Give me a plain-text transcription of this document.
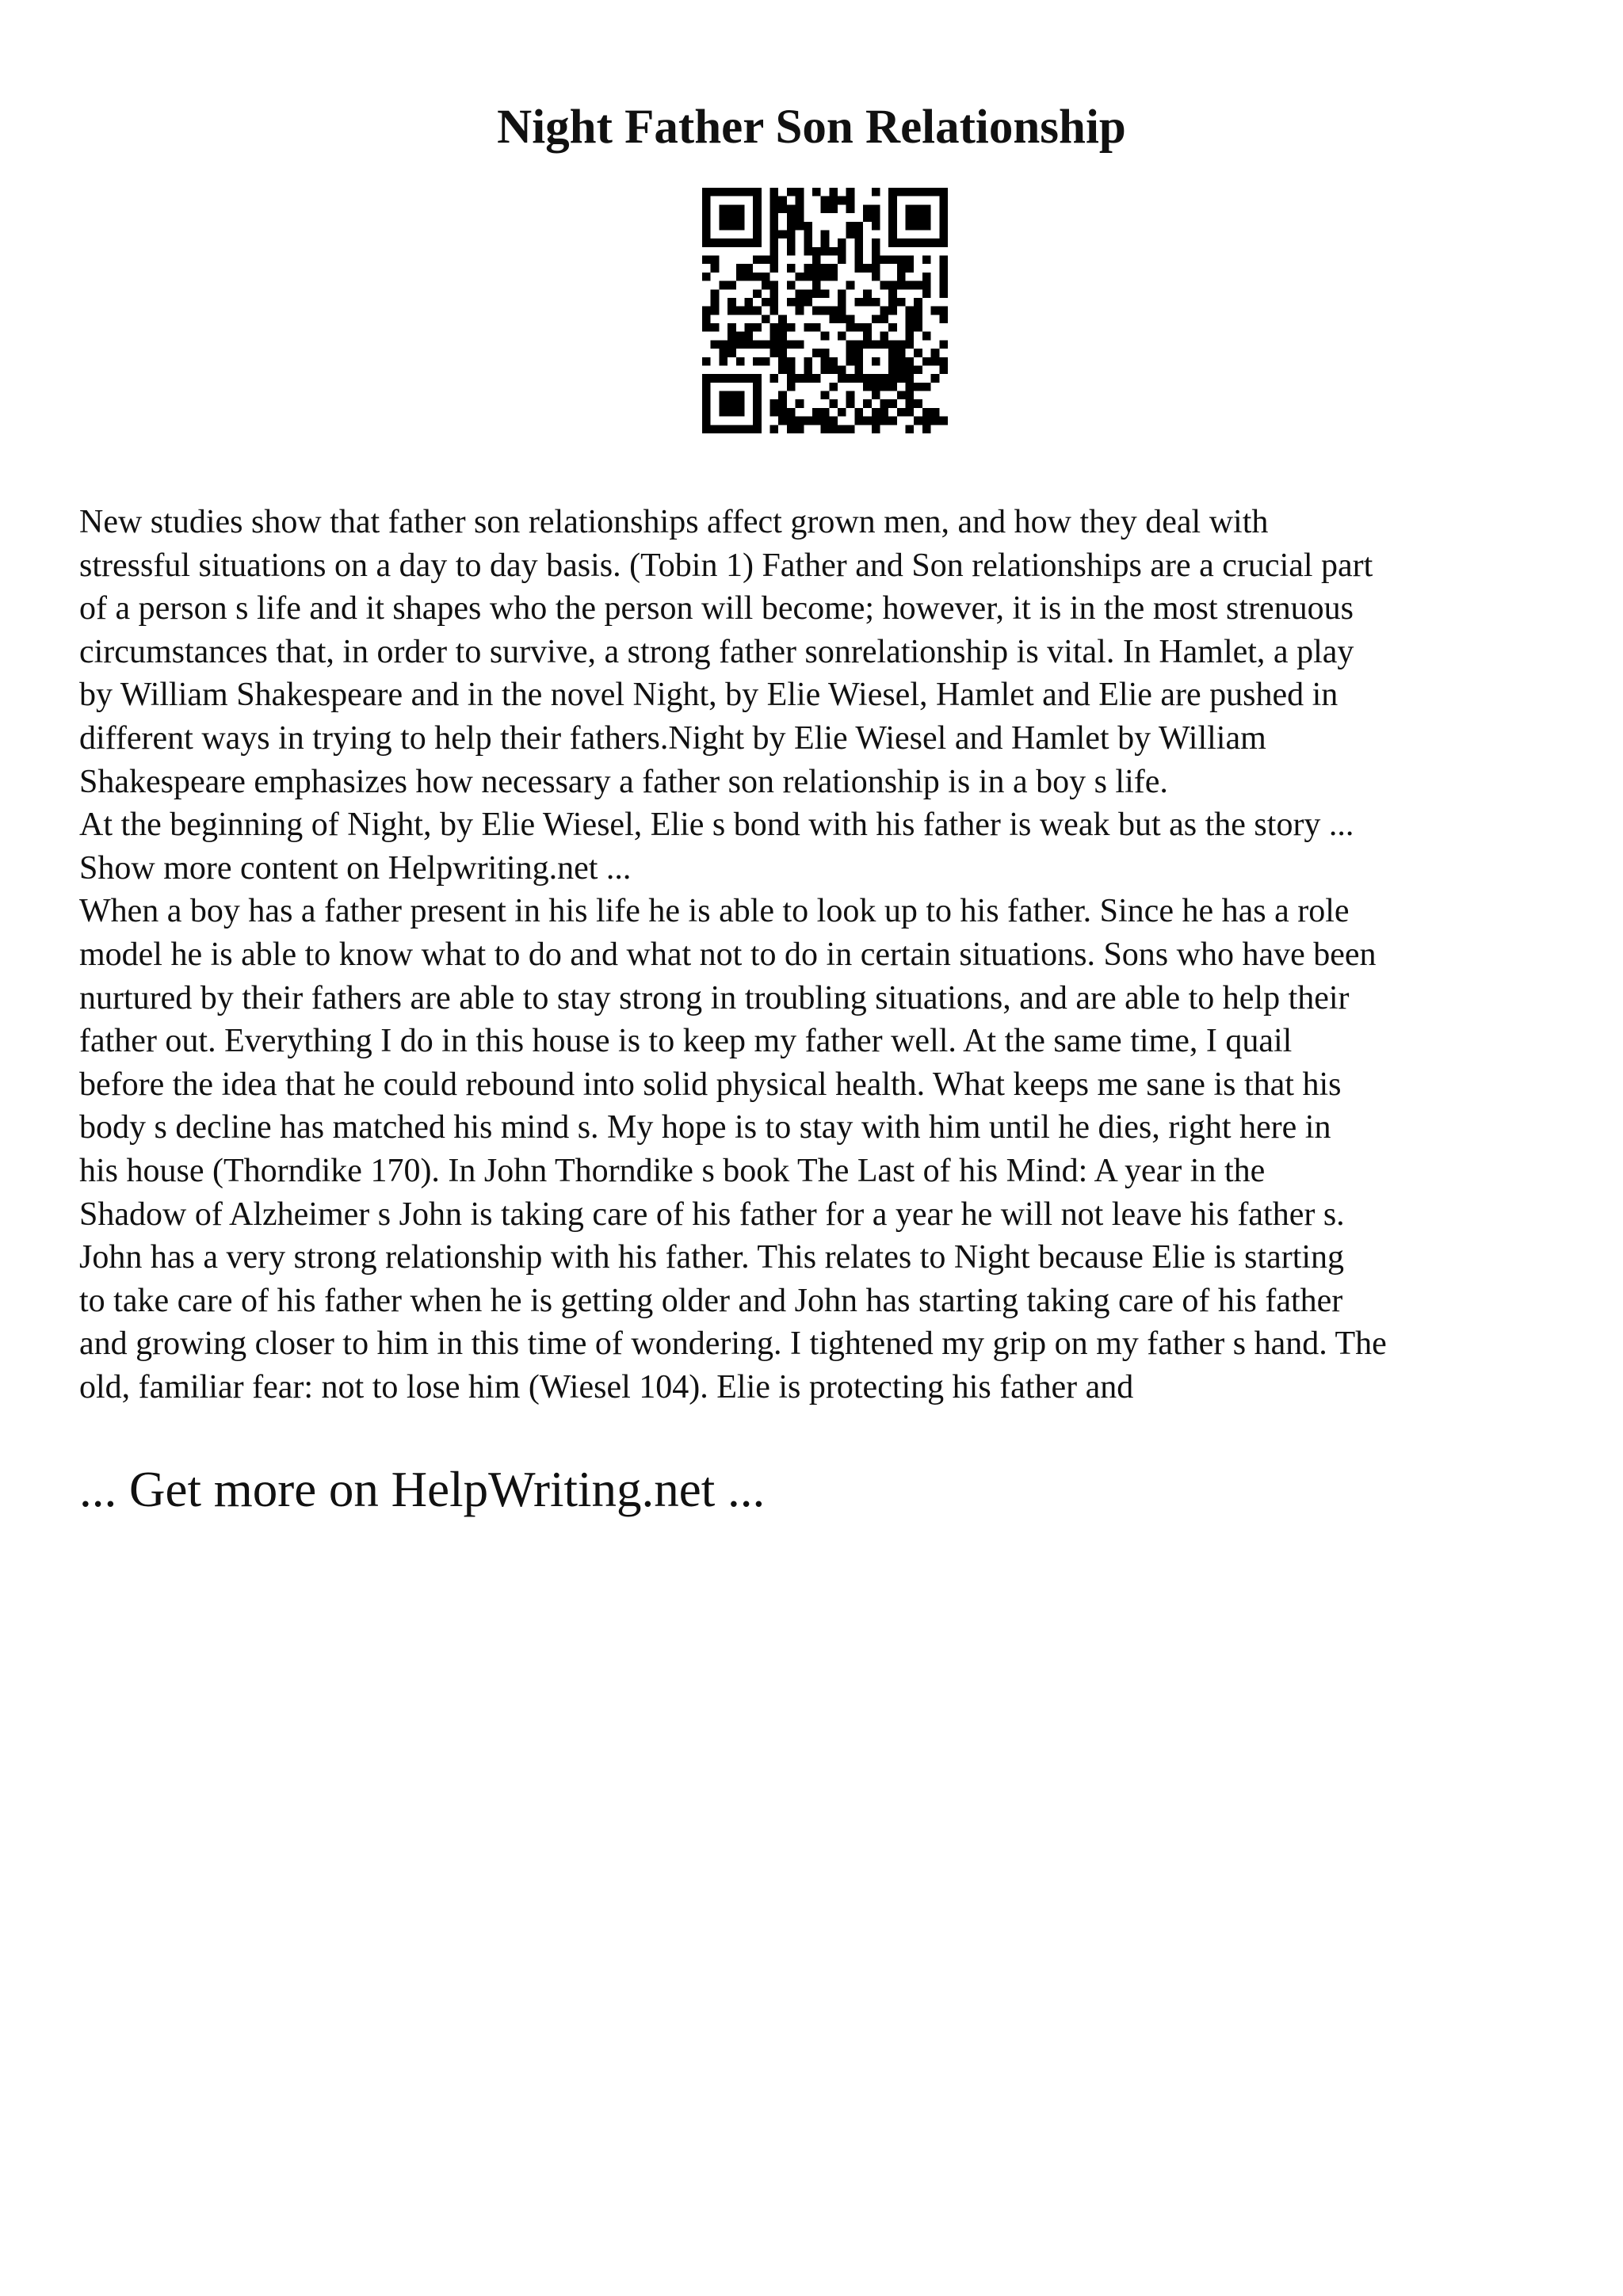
Night Father Son Relationship
New studies show that father son relationships affect grown men, and how they deal with
stressful situations on a day to day basis. (Tobin 1) Father and Son relationships are a crucial part
of a person s life and it shapes who the person will become; however, it is in the most strenuous
circumstances that, in order to survive, a strong father sonrelationship is vital. In Hamlet, a play
by William Shakespeare and in the novel Night, by Elie Wiesel, Hamlet and Elie are pushed in
different ways in trying to help their fathers.Night by Elie Wiesel and Hamlet by William
Shakespeare emphasizes how necessary a father son relationship is in a boy s life.
At the beginning of Night, by Elie Wiesel, Elie s bond with his father is weak but as the story ...
Show more content on Helpwriting.net ...
When a boy has a father present in his life he is able to look up to his father. Since he has a role
model he is able to know what to do and what not to do in certain situations. Sons who have been
nurtured by their fathers are able to stay strong in troubling situations, and are able to help their
father out. Everything I do in this house is to keep my father well. At the same time, I quail
before the idea that he could rebound into solid physical health. What keeps me sane is that his
body s decline has matched his mind s. My hope is to stay with him until he dies, right here in
his house (Thorndike 170). In John Thorndike s book The Last of his Mind: A year in the
Shadow of Alzheimer s John is taking care of his father for a year he will not leave his father s.
John has a very strong relationship with his father. This relates to Night because Elie is starting
to take care of his father when he is getting older and John has starting taking care of his father
and growing closer to him in this time of wondering. I tightened my grip on my father s hand. The
old, familiar fear: not to lose him (Wiesel 104). Elie is protecting his father and

... Get more on HelpWriting.net ...
